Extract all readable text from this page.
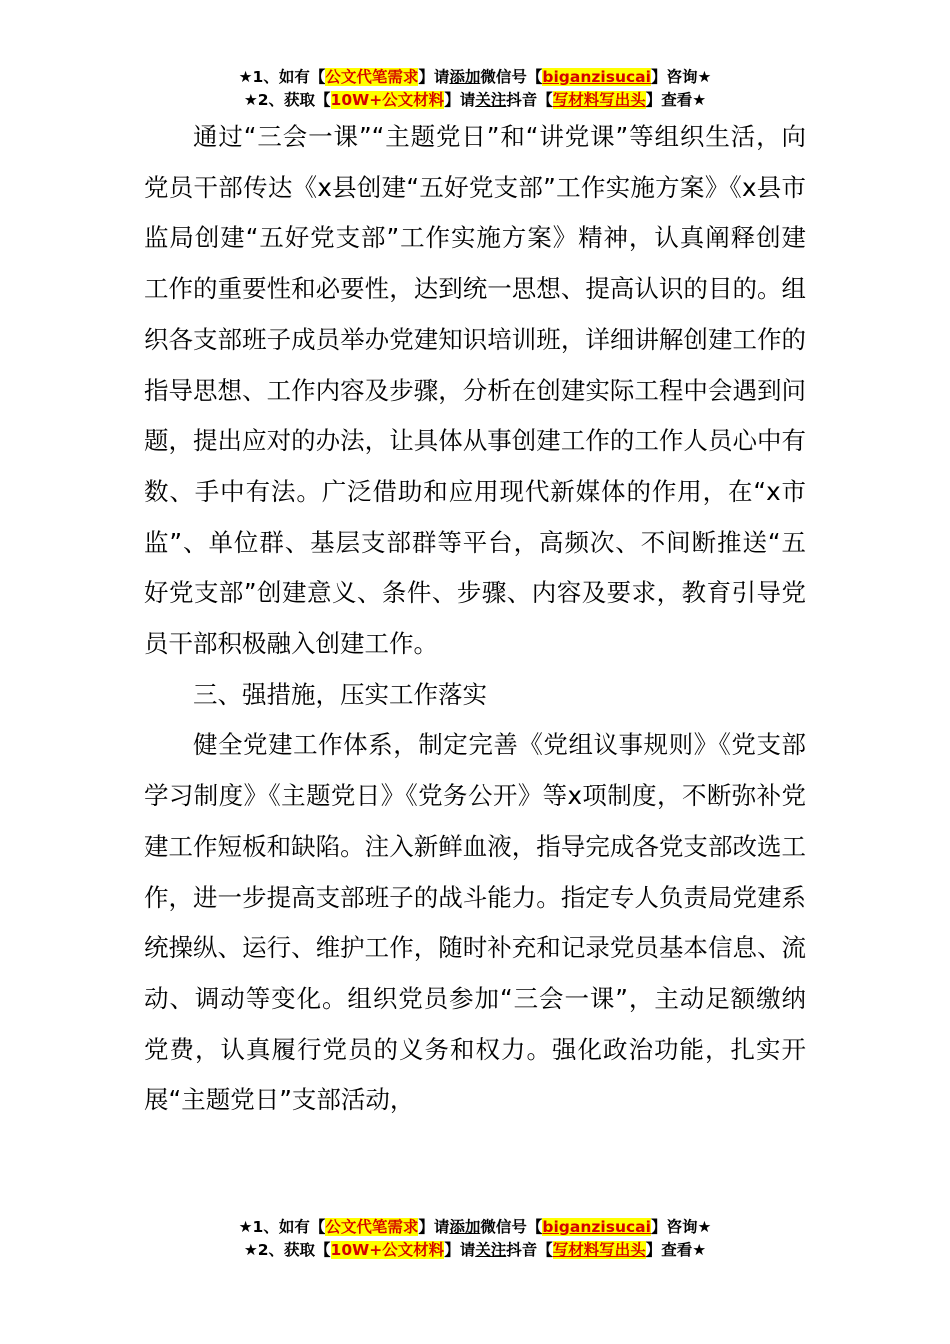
★1、如有【公文代笔需求】请添加微信号【biganzisucai】咨询★
★2、获取【10W+公文材料】请关注抖音【写材料写出头】查看★

通过“三会一课”“主题党日”和“讲党课”等组织生活，向党员干部传达《x县创建“五好党支部”工作实施方案》《x县市监局创建“五好党支部”工作实施方案》精神，认真阐释创建工作的重要性和必要性，达到统一思想、提高认识的目的。组织各支部班子成员举办党建知识培训班，详细讲解创建工作的指导思想、工作内容及步骤，分析在创建实际工程中会遇到问题，提出应对的办法，让具体从事创建工作的工作人员心中有数、手中有法。广泛借助和应用现代新媒体的作用，在“x市监”、单位群、基层支部群等平台，高频次、不间断推送“五好党支部”创建意义、条件、步骤、内容及要求，教育引导党员干部积极融入创建工作。

三、强措施，压实工作落实

健全党建工作体系，制定完善《党组议事规则》《党支部学习制度》《主题党日》《党务公开》等x项制度，不断弥补党建工作短板和缺陷。注入新鲜血液，指导完成各党支部改选工作，进一步提高支部班子的战斗能力。指定专人负责局党建系统操纵、运行、维护工作，随时补充和记录党员基本信息、流动、调动等变化。组织党员参加“三会一课”，主动足额缴纳党费，认真履行党员的义务和权力。强化政治功能，扎实开展“主题党日”支部活动，

★1、如有【公文代笔需求】请添加微信号【biganzisucai】咨询★
★2、获取【10W+公文材料】请关注抖音【写材料写出头】查看★
